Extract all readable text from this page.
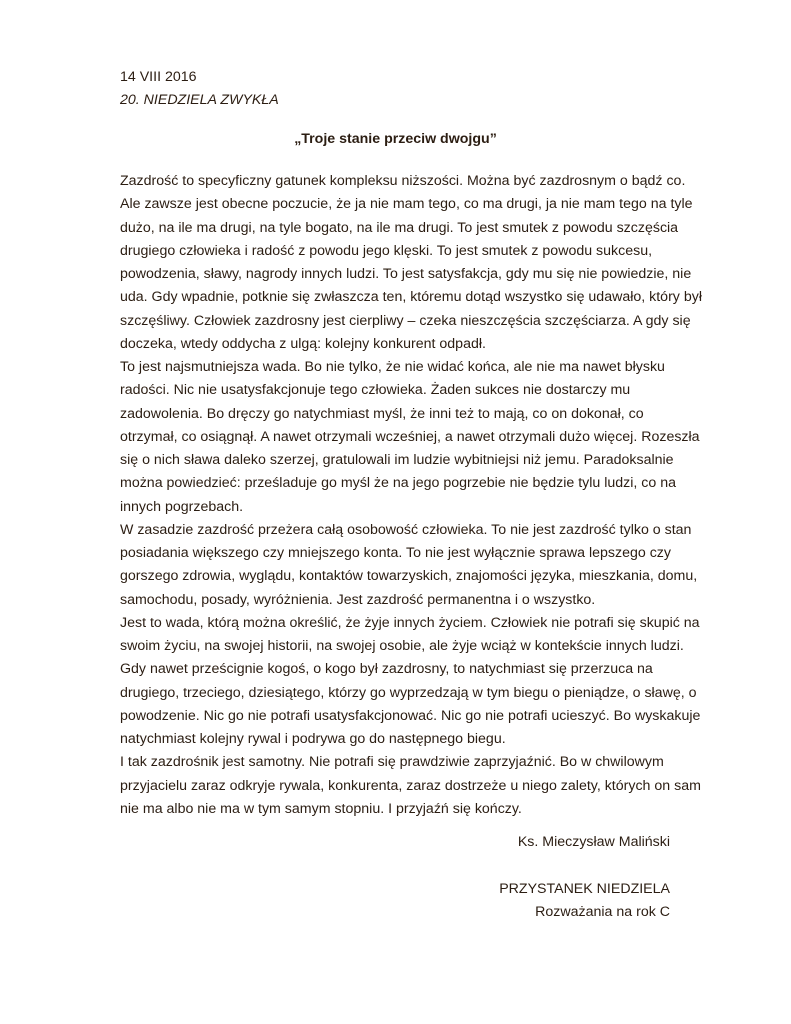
14 VIII 2016
20. NIEDZIELA ZWYKŁA
„Troje stanie przeciw dwojgu”

Zazdrość to specyficzny gatunek kompleksu niższości. Można być zazdrosnym o bądź co.
Ale zawsze jest obecne poczucie, że ja nie mam tego, co ma drugi, ja nie mam tego na tyle
dużo, na ile ma drugi, na tyle bogato, na ile ma drugi. To jest smutek z powodu szczęścia
drugiego człowieka i radość z powodu jego klęski. To jest smutek z powodu sukcesu,
powodzenia, sławy, nagrody innych ludzi. To jest satysfakcja, gdy mu się nie powiedzie, nie
uda. Gdy wpadnie, potknie się zwłaszcza ten, któremu dotąd wszystko się udawało, który był
szczęśliwy. Człowiek zazdrosny jest cierpliwy – czeka nieszczęścia szczęściarza. A gdy się
doczeka, wtedy oddycha z ulgą: kolejny konkurent odpadł.

To jest najsmutniejsza wada. Bo nie tylko, że nie widać końca, ale nie ma nawet błysku
radości. Nic nie usatysfakcjonuje tego człowieka. Żaden sukces nie dostarczy mu
zadowolenia. Bo dręczy go natychmiast myśl, że inni też to mają, co on dokonał, co
otrzymał, co osiągnął. A nawet otrzymali wcześniej, a nawet otrzymali dużo więcej. Rozeszła
się o nich sława daleko szerzej, gratulowali im ludzie wybitniejsi niż jemu. Paradoksalnie
można powiedzieć: prześladuje go myśl że na jego pogrzebie nie będzie tylu ludzi, co na
innych pogrzebach.

W zasadzie zazdrość przeżera całą osobowość człowieka. To nie jest zazdrość tylko o stan
posiadania większego czy mniejszego konta. To nie jest wyłącznie sprawa lepszego czy
gorszego zdrowia, wyglądu, kontaktów towarzyskich, znajomości języka, mieszkania, domu,
samochodu, posady, wyróżnienia. Jest zazdrość permanentna i o wszystko.

Jest to wada, którą można określić, że żyje innych życiem. Człowiek nie potrafi się skupić na
swoim życiu, na swojej historii, na swojej osobie, ale żyje wciąż w kontekście innych ludzi.
Gdy nawet prześcignie kogoś, o kogo był zazdrosny, to natychmiast się przerzuca na
drugiego, trzeciego, dziesiątego, którzy go wyprzedzają w tym biegu o pieniądze, o sławę, o
powodzenie. Nic go nie potrafi usatysfakcjonować. Nic go nie potrafi ucieszyć. Bo wyskakuje
natychmiast kolejny rywal i podrywa go do następnego biegu.

I tak zazdrośnik jest samotny. Nie potrafi się prawdziwie zaprzyjaźnić. Bo w chwilowym
przyjacielu zaraz odkryje rywala, konkurenta, zaraz dostrzeże u niego zalety, których on sam
nie ma albo nie ma w tym samym stopniu. I przyjaźń się kończy.

Ks. Mieczysław Maliński
PRZYSTANEK NIEDZIELA
Rozważania na rok C
